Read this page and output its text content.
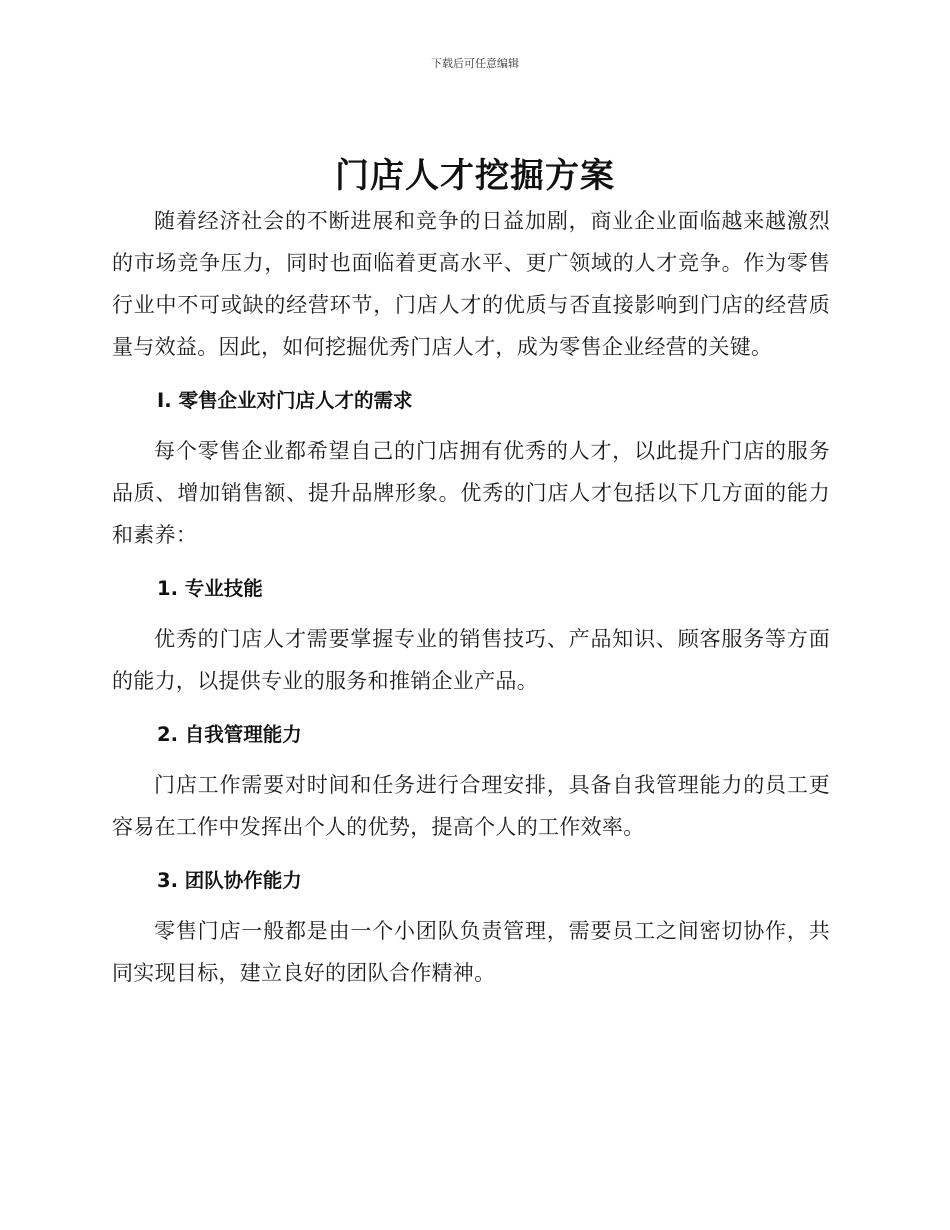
下载后可任意编辑
门店人才挖掘方案

随着经济社会的不断进展和竞争的日益加剧，商业企业面临越来越激烈的市场竞争压力，同时也面临着更高水平、更广领域的人才竞争。作为零售行业中不可或缺的经营环节，门店人才的优质与否直接影响到门店的经营质量与效益。因此，如何挖掘优秀门店人才，成为零售企业经营的关键。

I. 零售企业对门店人才的需求

每个零售企业都希望自己的门店拥有优秀的人才，以此提升门店的服务品质、增加销售额、提升品牌形象。优秀的门店人才包括以下几方面的能力和素养：

1. 专业技能

优秀的门店人才需要掌握专业的销售技巧、产品知识、顾客服务等方面的能力，以提供专业的服务和推销企业产品。

2. 自我管理能力

门店工作需要对时间和任务进行合理安排，具备自我管理能力的员工更容易在工作中发挥出个人的优势，提高个人的工作效率。

3. 团队协作能力

零售门店一般都是由一个小团队负责管理，需要员工之间密切协作，共同实现目标，建立良好的团队合作精神。
